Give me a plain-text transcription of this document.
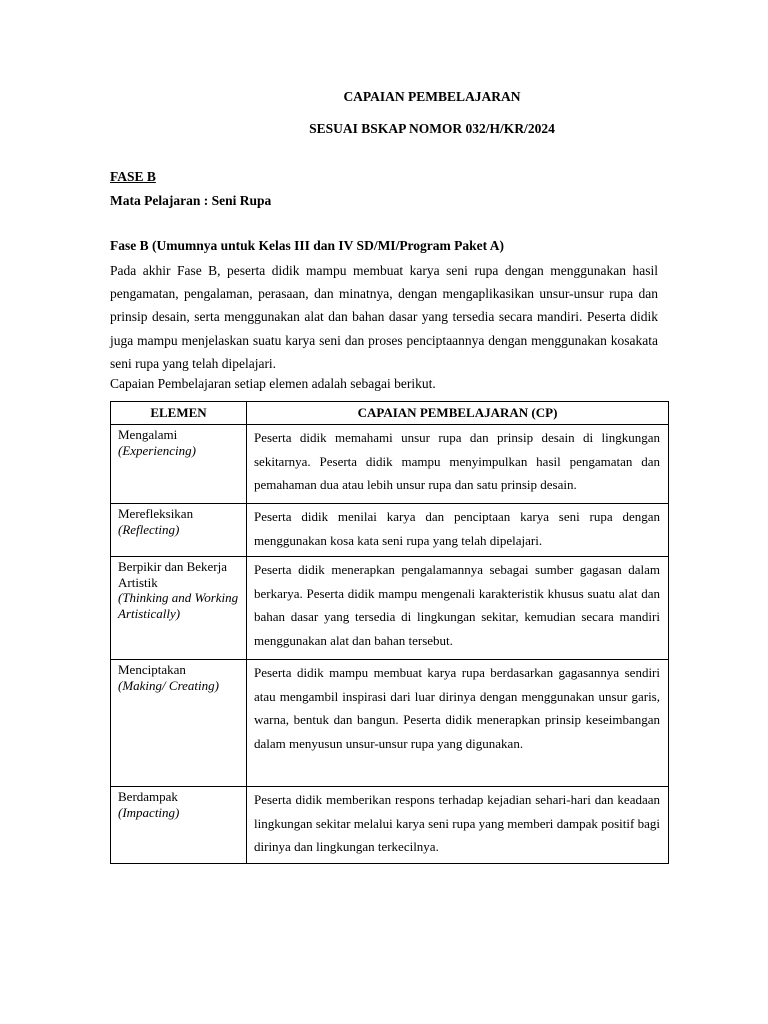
CAPAIAN PEMBELAJARAN

SESUAI BSKAP NOMOR 032/H/KR/2024

FASE B

Mata Pelajaran : Seni Rupa

Fase B (Umumnya untuk Kelas III dan IV SD/MI/Program Paket A)

Pada akhir Fase B, peserta didik mampu membuat karya seni rupa dengan menggunakan hasil pengamatan, pengalaman, perasaan, dan minatnya, dengan mengaplikasikan unsur-unsur rupa dan prinsip desain, serta menggunakan alat dan bahan dasar yang tersedia secara mandiri. Peserta didik juga mampu menjelaskan suatu karya seni dan proses penciptaannya dengan menggunakan kosakata seni rupa yang telah dipelajari.

Capaian Pembelajaran setiap elemen adalah sebagai berikut.

ELEMEN	CAPAIAN PEMBELAJARAN (CP)

Mengalami
(Experiencing)	Peserta didik memahami unsur rupa dan prinsip desain di lingkungan sekitarnya. Peserta didik mampu menyimpulkan hasil pengamatan dan pemahaman dua atau lebih unsur rupa dan satu prinsip desain.

Merefleksikan
(Reflecting)	Peserta didik menilai karya dan penciptaan karya seni rupa dengan menggunakan kosa kata seni rupa yang telah dipelajari.

Berpikir dan Bekerja Artistik
(Thinking and Working Artistically)	Peserta didik menerapkan pengalamannya sebagai sumber gagasan dalam berkarya. Peserta didik mampu mengenali karakteristik khusus suatu alat dan bahan dasar yang tersedia di lingkungan sekitar, kemudian secara mandiri menggunakan alat dan bahan tersebut.

Menciptakan
(Making/ Creating)	Peserta didik mampu membuat karya rupa berdasarkan gagasannya sendiri atau mengambil inspirasi dari luar dirinya dengan menggunakan unsur garis, warna, bentuk dan bangun. Peserta didik menerapkan prinsip keseimbangan dalam menyusun unsur-unsur rupa yang digunakan.

Berdampak
(Impacting)	Peserta didik memberikan respons terhadap kejadian sehari-hari dan keadaan lingkungan sekitar melalui karya seni rupa yang memberi dampak positif bagi dirinya dan lingkungan terkecilnya.
